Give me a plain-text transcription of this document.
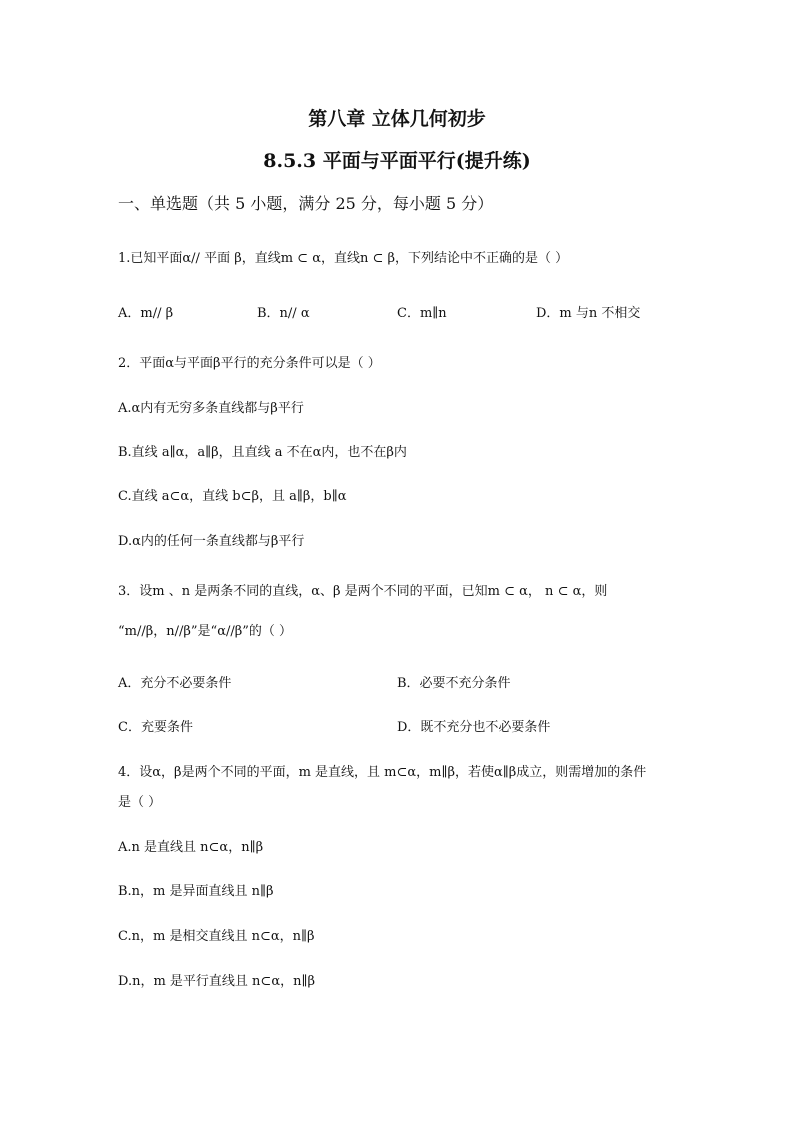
第八章 立体几何初步
8.5.3 平面与平面平行(提升练)
一、单选题（共 5 小题，满分 25 分，每小题 5 分）
1.已知平面α// 平面 β，直线m ⊂ α，直线n ⊂ β，下列结论中不正确的是（ ）
A．m// β	B．n// α	C．m∥n	D．m 与n 不相交
2．平面α与平面β平行的充分条件可以是（ ）
A.α内有无穷多条直线都与β平行
B.直线 a∥α，a∥β，且直线 a 不在α内，也不在β内
C.直线 a⊂α，直线 b⊂β，且 a∥β，b∥α
D.α内的任何一条直线都与β平行
3．设m 、n 是两条不同的直线，α、β 是两个不同的平面，已知m ⊂ α， n ⊂ α，则
“m//β，n//β”是“α//β”的（ ）
A．充分不必要条件	B．必要不充分条件
C．充要条件	D．既不充分也不必要条件
4．设α，β是两个不同的平面，m 是直线，且 m⊂α，m∥β，若使α∥β成立，则需增加的条件
是（ ）
A.n 是直线且 n⊂α，n∥β
B.n，m 是异面直线且 n∥β
C.n，m 是相交直线且 n⊂α，n∥β
D.n，m 是平行直线且 n⊂α，n∥β
